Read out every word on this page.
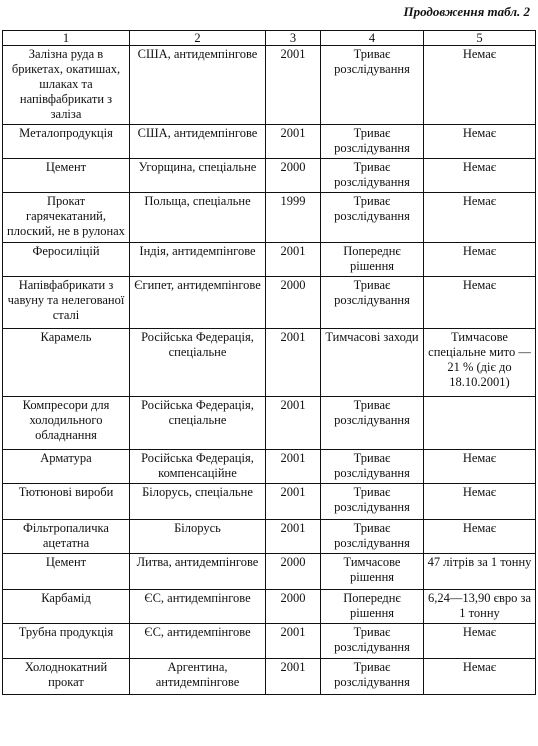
Продовження табл. 2
1	2	3	4	5
Залізна руда в брикетах, окатишах, шлаках та напівфабрикати з заліза	США, антидемпінгове	2001	Триває розслідування	Немає
Металопродукція	США, антидемпінгове	2001	Триває розслідування	Немає
Цемент	Угорщина, спеціальне	2000	Триває розслідування	Немає
Прокат гарячекатаний, плоский, не в рулонах	Польща, спеціальне	1999	Триває розслідування	Немає
Феросиліцій	Індія, антидемпінгове	2001	Попереднє рішення	Немає
Напівфабрикати з чавуну та нелегованої сталі	Єгипет, антидемпінгове	2000	Триває розслідування	Немає
Карамель	Російська Федерація, спеціальне	2001	Тимчасові заходи	Тимчасове спеціальне мито — 21 % (діє до 18.10.2001)
Компресори для холодильного обладнання	Російська Федерація, спеціальне	2001	Триває розслідування	
Арматура	Російська Федерація, компенсаційне	2001	Триває розслідування	Немає
Тютюнові вироби	Білорусь, спеціальне	2001	Триває розслідування	Немає
Фільтропаличка ацетатна	Білорусь	2001	Триває розслідування	Немає
Цемент	Литва, антидемпінгове	2000	Тимчасове рішення	47 літрів за 1 тонну
Карбамід	ЄС, антидемпінгове	2000	Попереднє рішення	6,24—13,90 євро за 1 тонну
Трубна продукція	ЄС, антидемпінгове	2001	Триває розслідування	Немає
Холоднокатний прокат	Аргентина, антидемпінгове	2001	Триває розслідування	Немає
